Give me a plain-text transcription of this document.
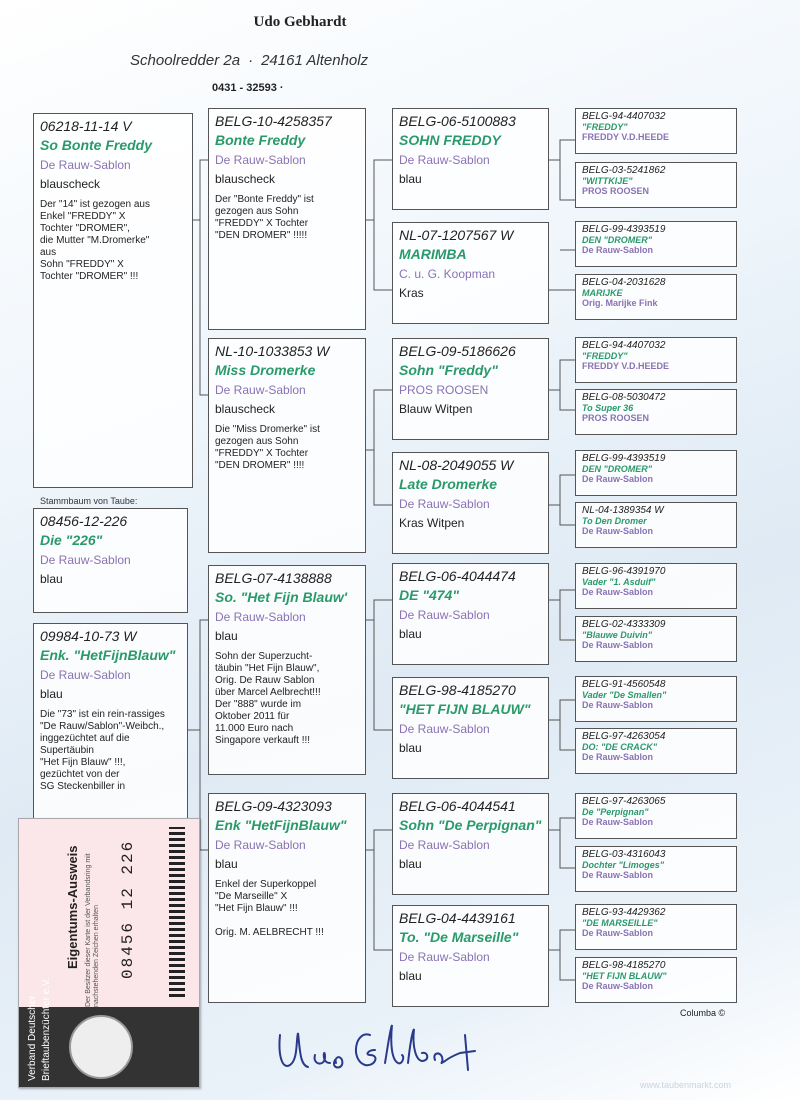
Udo Gebhardt
Schoolredder 2a · 24161 Altenholz
0431 - 32593 ·
06218-11-14 V
So Bonte Freddy
De Rauw-Sablon
blauscheck
Der "14" ist gezogen aus
Enkel "FREDDY" X
Tochter "DROMER",
die Mutter "M.Dromerke"
aus
Sohn "FREDDY" X
Tochter "DROMER" !!!
Stammbaum von Taube:
08456-12-226
Die "226"
De Rauw-Sablon
blau
09984-10-73 W
Enk. "HetFijnBlauw"
De Rauw-Sablon
blau
Die "73" ist ein rein-rassiges
"De Rauw/Sablon"-Weibch.,
inggezüchtet auf die
Supertäubin
"Het Fijn Blauw" !!!,
gezüchtet von der
SG Steckenbiller in
BELG-10-4258357
Bonte Freddy
De Rauw-Sablon
blauscheck
Der "Bonte Freddy" ist
gezogen aus Sohn
"FREDDY" X Tochter
"DEN DROMER" !!!!!
NL-10-1033853 W
Miss Dromerke
De Rauw-Sablon
blauscheck
Die "Miss Dromerke" ist
gezogen aus Sohn
"FREDDY" X Tochter
"DEN DROMER" !!!!
BELG-07-4138888
So. "Het Fijn Blauw'
De Rauw-Sablon
blau
Sohn der Superzucht-
täubin "Het Fijn Blauw",
Orig. De Rauw Sablon
über Marcel Aelbrecht!!!
Der "888" wurde im
Oktober 2011 für
11.000 Euro nach
Singapore verkauft !!!
BELG-09-4323093
Enk "HetFijnBlauw"
De Rauw-Sablon
blau
Enkel der Superkoppel
"De Marseille" X
"Het Fijn Blauw" !!!

Orig. M. AELBRECHT !!!
BELG-06-5100883
SOHN FREDDY
De Rauw-Sablon
blau
NL-07-1207567 W
MARIMBA
C. u. G. Koopman
Kras
BELG-09-5186626
Sohn "Freddy"
PROS ROOSEN
Blauw Witpen
NL-08-2049055 W
Late Dromerke
De Rauw-Sablon
Kras Witpen
BELG-06-4044474
DE "474"
De Rauw-Sablon
blau
BELG-98-4185270
"HET FIJN BLAUW"
De Rauw-Sablon
blau
BELG-06-4044541
Sohn "De Perpignan"
De Rauw-Sablon
blau
BELG-04-4439161
To. "De Marseille"
De Rauw-Sablon
blau
BELG-94-4407032
"FREDDY"
FREDDY V.D.HEEDE
BELG-03-5241862
"WITTKIJE"
PROS ROOSEN
BELG-99-4393519
DEN "DROMER"
De Rauw-Sablon
BELG-04-2031628
MARIJKE
Orig. Marijke Fink
BELG-94-4407032
"FREDDY"
FREDDY V.D.HEEDE
BELG-08-5030472
To Super 36
PROS ROOSEN
BELG-99-4393519
DEN "DROMER"
De Rauw-Sablon
NL-04-1389354 W
To Den Dromer
De Rauw-Sablon
BELG-96-4391970
Vader "1. Asduif"
De Rauw-Sablon
BELG-02-4333309
"Blauwe Duivin"
De Rauw-Sablon
BELG-91-4560548
Vader "De Smallen"
De Rauw-Sablon
BELG-97-4263054
DO: "DE CRACK"
De Rauw-Sablon
BELG-97-4263065
De "Perpignan"
De Rauw-Sablon
BELG-03-4316043
Dochter "Limoges"
De Rauw-Sablon
BELG-93-4429362
"DE MARSEILLE"
De Rauw-Sablon
BELG-98-4185270
"HET FIJN BLAUW"
De Rauw-Sablon
Verband Deutscher Brieftaubenzüchter e.V.
Eigentums-Ausweis Der Besitzer dieser Karte ist der Verbandsring mit nachstehenden Zeichen erhalten 08456 12 226
Columba ©
www.taubenmarkt.com
